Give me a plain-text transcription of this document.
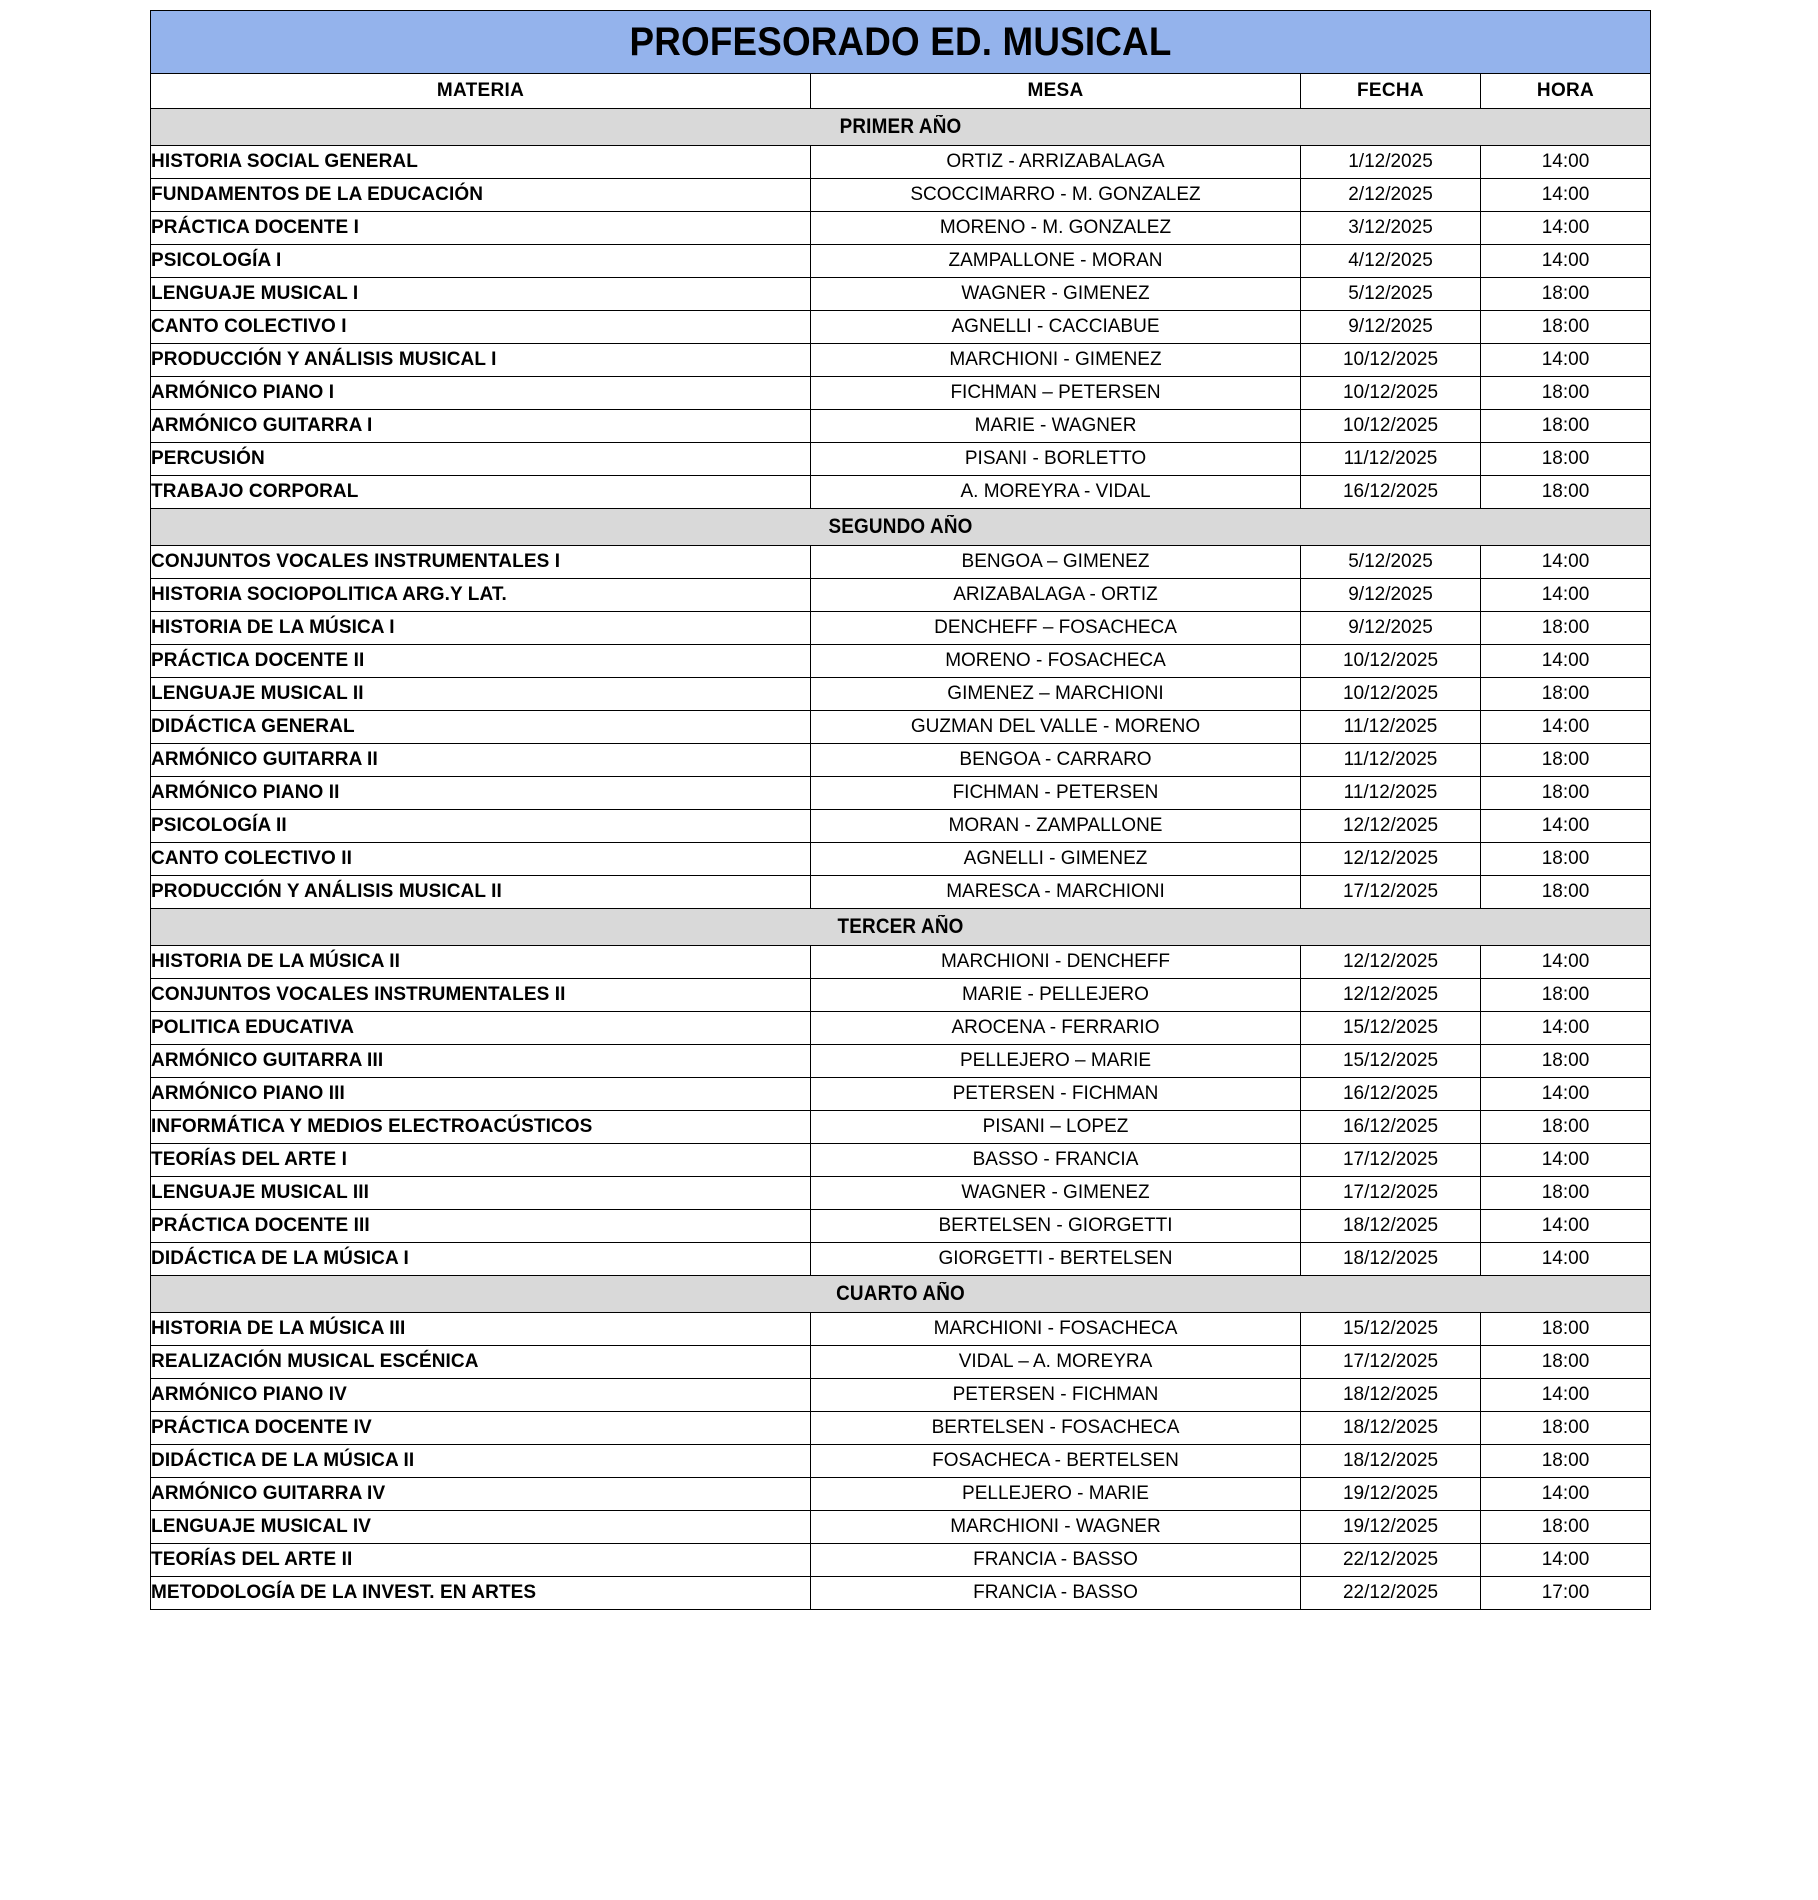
PROFESORADO ED. MUSICAL			

MATERIA	MESA	FECHA	HORA

PRIMER AÑO			

HISTORIA SOCIAL GENERAL	ORTIZ - ARRIZABALAGA	1/12/2025	14:00
FUNDAMENTOS DE LA EDUCACIÓN	SCOCCIMARRO - M. GONZALEZ	2/12/2025	14:00
PRÁCTICA DOCENTE I	MORENO - M. GONZALEZ	3/12/2025	14:00
PSICOLOGÍA I	ZAMPALLONE - MORAN	4/12/2025	14:00
LENGUAJE MUSICAL I	WAGNER - GIMENEZ	5/12/2025	18:00
CANTO COLECTIVO I	AGNELLI - CACCIABUE	9/12/2025	18:00
PRODUCCIÓN Y ANÁLISIS MUSICAL I	MARCHIONI - GIMENEZ	10/12/2025	14:00
ARMÓNICO PIANO I	FICHMAN – PETERSEN	10/12/2025	18:00
ARMÓNICO GUITARRA I	MARIE - WAGNER	10/12/2025	18:00
PERCUSIÓN	PISANI - BORLETTO	11/12/2025	18:00
TRABAJO CORPORAL	A. MOREYRA - VIDAL	16/12/2025	18:00

SEGUNDO AÑO			

CONJUNTOS VOCALES INSTRUMENTALES I	BENGOA – GIMENEZ	5/12/2025	14:00
HISTORIA SOCIOPOLITICA ARG.Y LAT.	ARIZABALAGA - ORTIZ	9/12/2025	14:00
HISTORIA DE LA MÚSICA I	DENCHEFF – FOSACHECA	9/12/2025	18:00
PRÁCTICA DOCENTE II	MORENO - FOSACHECA	10/12/2025	14:00
LENGUAJE MUSICAL II	GIMENEZ – MARCHIONI	10/12/2025	18:00
DIDÁCTICA GENERAL	GUZMAN DEL VALLE - MORENO	11/12/2025	14:00
ARMÓNICO GUITARRA II	BENGOA - CARRARO	11/12/2025	18:00
ARMÓNICO PIANO II	FICHMAN - PETERSEN	11/12/2025	18:00
PSICOLOGÍA II	MORAN - ZAMPALLONE	12/12/2025	14:00
CANTO COLECTIVO II	AGNELLI - GIMENEZ	12/12/2025	18:00
PRODUCCIÓN Y ANÁLISIS MUSICAL II	MARESCA - MARCHIONI	17/12/2025	18:00

TERCER AÑO			

HISTORIA DE LA MÚSICA II	MARCHIONI - DENCHEFF	12/12/2025	14:00
CONJUNTOS VOCALES INSTRUMENTALES II	MARIE - PELLEJERO	12/12/2025	18:00
POLITICA EDUCATIVA	AROCENA - FERRARIO	15/12/2025	14:00
ARMÓNICO GUITARRA III	PELLEJERO – MARIE	15/12/2025	18:00
ARMÓNICO PIANO III	PETERSEN - FICHMAN	16/12/2025	14:00
INFORMÁTICA Y MEDIOS ELECTROACÚSTICOS	PISANI – LOPEZ	16/12/2025	18:00
TEORÍAS DEL ARTE I	BASSO - FRANCIA	17/12/2025	14:00
LENGUAJE MUSICAL III	WAGNER - GIMENEZ	17/12/2025	18:00
PRÁCTICA DOCENTE III	BERTELSEN - GIORGETTI	18/12/2025	14:00
DIDÁCTICA DE LA MÚSICA I	GIORGETTI - BERTELSEN	18/12/2025	14:00

CUARTO AÑO			

HISTORIA DE LA MÚSICA III	MARCHIONI - FOSACHECA	15/12/2025	18:00
REALIZACIÓN MUSICAL ESCÉNICA	VIDAL – A. MOREYRA	17/12/2025	18:00
ARMÓNICO PIANO IV	PETERSEN - FICHMAN	18/12/2025	14:00
PRÁCTICA DOCENTE IV	BERTELSEN - FOSACHECA	18/12/2025	18:00
DIDÁCTICA DE LA MÚSICA II	FOSACHECA - BERTELSEN	18/12/2025	18:00
ARMÓNICO GUITARRA IV	PELLEJERO - MARIE	19/12/2025	14:00
LENGUAJE MUSICAL IV	MARCHIONI - WAGNER	19/12/2025	18:00
TEORÍAS DEL ARTE II	FRANCIA - BASSO	22/12/2025	14:00
METODOLOGÍA DE LA INVEST. EN ARTES	FRANCIA - BASSO	22/12/2025	17:00
